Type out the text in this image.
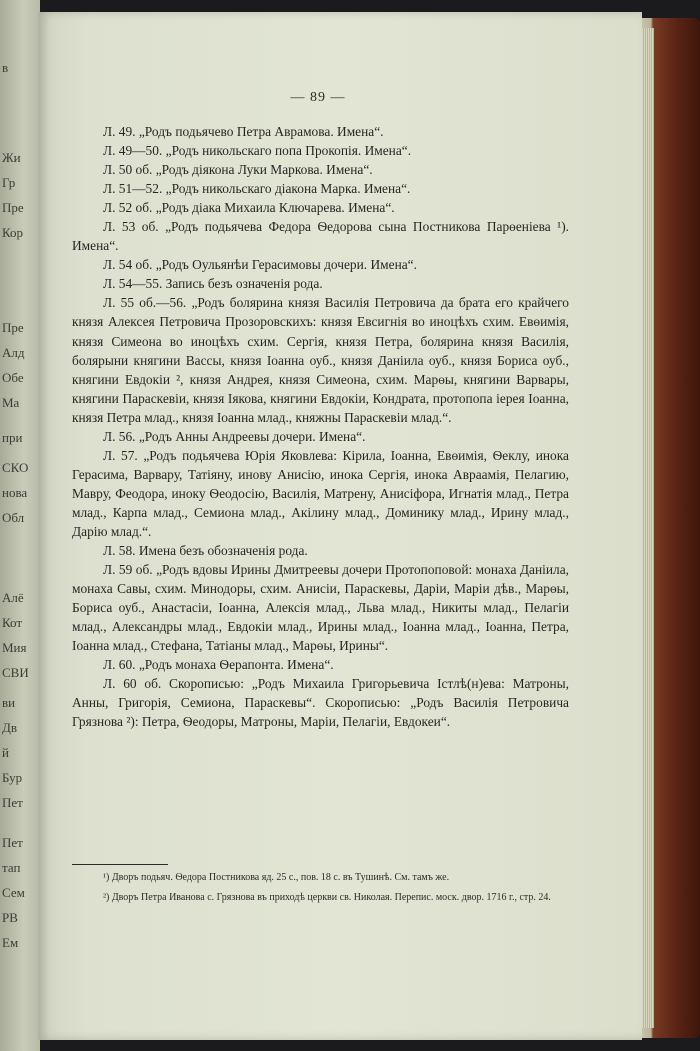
в
Жи
Гр
Пре
Кор
Пре
Алд
Обе
Ма
при
СКО
нова
Обл
Алё
Кот
Мия
СВИ
ви
Дв
й
Бур
Пет
Пет
тап
Сем
РВ
Ем
— 89 —

Л. 49. „Родъ подьячево Петра Аврамова. Имена“.

Л. 49—50. „Родъ никольскаго попа Прокопія. Имена“.

Л. 50 об. „Родъ діякона Луки Маркова. Имена“.

Л. 51—52. „Родъ никольскаго діакона Марка. Имена“.

Л. 52 об. „Родъ діака Михаила Ключарева. Имена“.

Л. 53 об. „Родъ подьячева Федора Ѳедорова сына Постникова Парѳенiева ¹). Имена“.

Л. 54 об. „Родъ Оульянѣи Герасимовы дочери. Имена“.

Л. 54—55. Запись безъ означенія рода.

Л. 55 об.—56. „Родъ болярина князя Василія Петровича да брата его крайчего князя Алексея Петровича Прозоровскихъ: князя Евсигнія во иноцѣхъ схим. Евѳимія, князя Симеона во иноцѣхъ схим. Сергія, князя Петра, болярина князя Василія, болярыни княгини Вассы, князя Іоанна оуб., князя Даніила оуб., князя Бориса оуб., княгини Евдокіи ², князя Андрея, князя Симеона, схим. Марѳы, княгини Варвары, княгини Параскевіи, князя Іякова, княгини Евдокіи, Кондрата, протопопа іерея Іоанна, князя Петра млад., князя Іоанна млад., княжны Параскевіи млад.“.

Л. 56. „Родъ Анны Андреевы дочери. Имена“.

Л. 57. „Родъ подьячева Юрія Яковлева: Кірила, Іоанна, Евѳимія, Ѳеклу, инока Герасима, Варвару, Татіяну, инову Анисію, инока Сергія, инока Авраамія, Пелагию, Мавру, Феодора, иноку Ѳеодосію, Василія, Матрену, Анисіфора, Игнатія млад., Петра млад., Карпа млад., Семиона млад., Акілину млад., Доминику млад., Ирину млад., Дарію млад.“.

Л. 58. Имена безъ обозначенія рода.

Л. 59 об. „Родъ вдовы Ирины Дмитреевы дочери Протопоповой: монаха Даніила, монаха Савы, схим. Минодоры, схим. Анисіи, Параскевы, Даріи, Маріи дѣв., Марѳы, Бориса оуб., Анастасіи, Іоанна, Алексія млад., Льва млад., Никиты млад., Пелагіи млад., Александры млад., Евдокіи млад., Ирины млад., Іоанна млад., Іоанна, Петра, Іоанна млад., Стефана, Татіаны млад., Марѳы, Ирины“.

Л. 60. „Родъ монаха Ѳерапонта. Имена“.

Л. 60 об. Скорописью: „Родъ Михаила Григорьевича Істлѣ(н)ева: Матроны, Анны, Григорія, Семиона, Параскевы“. Скорописью: „Родъ Василія Петровича Грязнова ²): Петра, Ѳеодоры, Матроны, Маріи, Пелагіи, Евдокеи“.

¹) Дворъ подьяч. Ѳедора Постникова яд. 25 с., пов. 18 с. въ Тушинѣ. См. тамъ же.

²) Дворъ Петра Иванова с. Грязнова въ приходѣ церкви св. Николая. Перепис. моск. двор. 1716 г., стр. 24.
